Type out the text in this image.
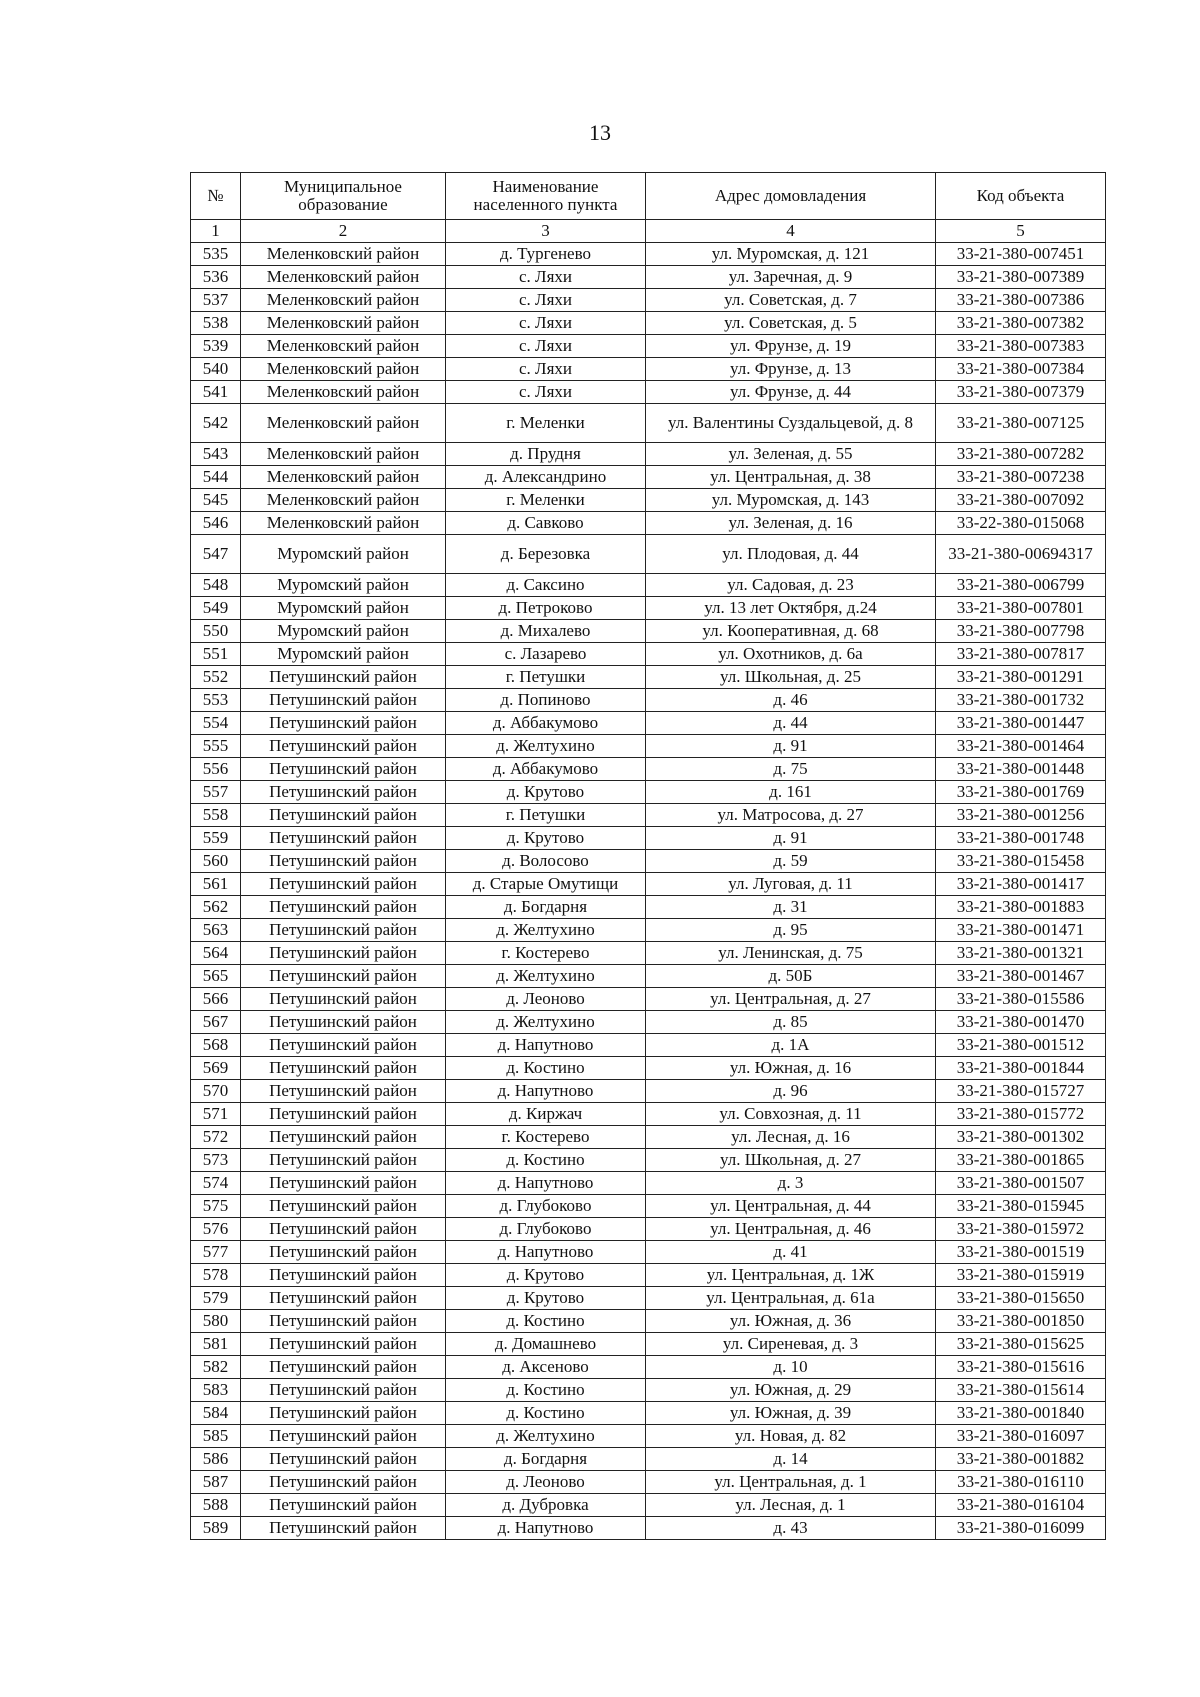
13
№	Муниципальное образование	Наименование населенного пункта	Адрес домовладения	Код объекта
1	2	3	4	5
535	Меленковский район	д. Тургенево	ул. Муромская, д. 121	33-21-380-007451
536	Меленковский район	с. Ляхи	ул. Заречная, д. 9	33-21-380-007389
537	Меленковский район	с. Ляхи	ул. Советская, д. 7	33-21-380-007386
538	Меленковский район	с. Ляхи	ул. Советская, д. 5	33-21-380-007382
539	Меленковский район	с. Ляхи	ул. Фрунзе, д. 19	33-21-380-007383
540	Меленковский район	с. Ляхи	ул. Фрунзе, д. 13	33-21-380-007384
541	Меленковский район	с. Ляхи	ул. Фрунзе, д. 44	33-21-380-007379
542	Меленковский район	г. Меленки	ул. Валентины Суздальцевой, д. 8	33-21-380-007125
543	Меленковский район	д. Прудня	ул. Зеленая, д. 55	33-21-380-007282
544	Меленковский район	д. Александрино	ул. Центральная, д. 38	33-21-380-007238
545	Меленковский район	г. Меленки	ул. Муромская, д. 143	33-21-380-007092
546	Меленковский район	д. Савково	ул. Зеленая, д. 16	33-22-380-015068
547	Муромский район	д. Березовка	ул. Плодовая, д. 44	33-21-380-00694317
548	Муромский район	д. Саксино	ул. Садовая, д. 23	33-21-380-006799
549	Муромский район	д. Петроково	ул. 13 лет Октября, д.24	33-21-380-007801
550	Муромский район	д. Михалево	ул. Кооперативная, д. 68	33-21-380-007798
551	Муромский район	с. Лазарево	ул. Охотников, д. 6а	33-21-380-007817
552	Петушинский район	г. Петушки	ул. Школьная, д. 25	33-21-380-001291
553	Петушинский район	д. Попиново	д. 46	33-21-380-001732
554	Петушинский район	д. Аббакумово	д. 44	33-21-380-001447
555	Петушинский район	д. Желтухино	д. 91	33-21-380-001464
556	Петушинский район	д. Аббакумово	д. 75	33-21-380-001448
557	Петушинский район	д. Крутово	д. 161	33-21-380-001769
558	Петушинский район	г. Петушки	ул. Матросова, д. 27	33-21-380-001256
559	Петушинский район	д. Крутово	д. 91	33-21-380-001748
560	Петушинский район	д. Волосово	д. 59	33-21-380-015458
561	Петушинский район	д. Старые Омутищи	ул. Луговая, д. 11	33-21-380-001417
562	Петушинский район	д. Богдарня	д. 31	33-21-380-001883
563	Петушинский район	д. Желтухино	д. 95	33-21-380-001471
564	Петушинский район	г. Костерево	ул. Ленинская, д. 75	33-21-380-001321
565	Петушинский район	д. Желтухино	д. 50Б	33-21-380-001467
566	Петушинский район	д. Леоново	ул. Центральная, д. 27	33-21-380-015586
567	Петушинский район	д. Желтухино	д. 85	33-21-380-001470
568	Петушинский район	д. Напутново	д. 1А	33-21-380-001512
569	Петушинский район	д. Костино	ул. Южная, д. 16	33-21-380-001844
570	Петушинский район	д. Напутново	д. 96	33-21-380-015727
571	Петушинский район	д. Киржач	ул. Совхозная, д. 11	33-21-380-015772
572	Петушинский район	г. Костерево	ул. Лесная, д. 16	33-21-380-001302
573	Петушинский район	д. Костино	ул. Школьная, д. 27	33-21-380-001865
574	Петушинский район	д. Напутново	д. 3	33-21-380-001507
575	Петушинский район	д. Глубоково	ул. Центральная, д. 44	33-21-380-015945
576	Петушинский район	д. Глубоково	ул. Центральная, д. 46	33-21-380-015972
577	Петушинский район	д. Напутново	д. 41	33-21-380-001519
578	Петушинский район	д. Крутово	ул. Центральная, д. 1Ж	33-21-380-015919
579	Петушинский район	д. Крутово	ул. Центральная, д. 61а	33-21-380-015650
580	Петушинский район	д. Костино	ул. Южная, д. 36	33-21-380-001850
581	Петушинский район	д. Домашнево	ул. Сиреневая, д. 3	33-21-380-015625
582	Петушинский район	д. Аксеново	д. 10	33-21-380-015616
583	Петушинский район	д. Костино	ул. Южная, д. 29	33-21-380-015614
584	Петушинский район	д. Костино	ул. Южная, д. 39	33-21-380-001840
585	Петушинский район	д. Желтухино	ул. Новая, д. 82	33-21-380-016097
586	Петушинский район	д. Богдарня	д. 14	33-21-380-001882
587	Петушинский район	д. Леоново	ул. Центральная, д. 1	33-21-380-016110
588	Петушинский район	д. Дубровка	ул. Лесная, д. 1	33-21-380-016104
589	Петушинский район	д. Напутново	д. 43	33-21-380-016099
